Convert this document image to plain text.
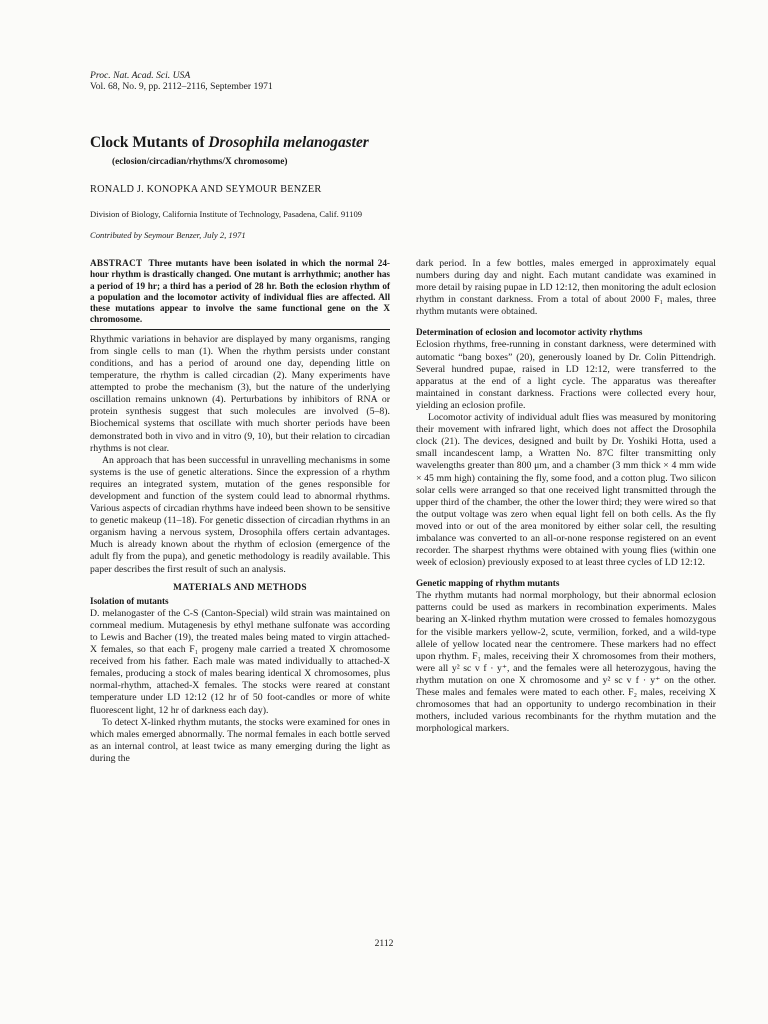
Proc. Nat. Acad. Sci. USA
Vol. 68, No. 9, pp. 2112–2116, September 1971
Clock Mutants of Drosophila melanogaster
(eclosion/circadian/rhythms/X chromosome)
RONALD J. KONOPKA AND SEYMOUR BENZER
Division of Biology, California Institute of Technology, Pasadena, Calif. 91109
Contributed by Seymour Benzer, July 2, 1971

ABSTRACT Three mutants have been isolated in which the normal 24-hour rhythm is drastically changed. One mutant is arrhythmic; another has a period of 19 hr; a third has a period of 28 hr. Both the eclosion rhythm of a population and the locomotor activity of individual flies are affected. All these mutations appear to involve the same functional gene on the X chromosome.

Rhythmic variations in behavior are displayed by many organisms, ranging from single cells to man (1). When the rhythm persists under constant conditions, and has a period of around one day, depending little on temperature, the rhythm is called circadian (2). Many experiments have attempted to probe the mechanism (3), but the nature of the underlying oscillation remains unknown (4). Perturbations by inhibitors of RNA or protein synthesis suggest that such molecules are involved (5–8). Biochemical systems that oscillate with much shorter periods have been demonstrated both in vivo and in vitro (9, 10), but their relation to circadian rhythms is not clear.

An approach that has been successful in unravelling mechanisms in some systems is the use of genetic alterations. Since the expression of a rhythm requires an integrated system, mutation of the genes responsible for development and function of the system could lead to abnormal rhythms. Various aspects of circadian rhythms have indeed been shown to be sensitive to genetic makeup (11–18). For genetic dissection of circadian rhythms in an organism having a nervous system, Drosophila offers certain advantages. Much is already known about the rhythm of eclosion (emergence of the adult fly from the pupa), and genetic methodology is readily available. This paper describes the first result of such an analysis.

MATERIALS AND METHODS
Isolation of mutants

D. melanogaster of the C-S (Canton-Special) wild strain was maintained on cornmeal medium. Mutagenesis by ethyl methane sulfonate was according to Lewis and Bacher (19), the treated males being mated to virgin attached-X females, so that each F₁ progeny male carried a treated X chromosome received from his father. Each male was mated individually to attached-X females, producing a stock of males bearing identical X chromosomes, plus normal-rhythm, attached-X females. The stocks were reared at constant temperature under LD 12:12 (12 hr of 50 foot-candles or more of white fluorescent light, 12 hr of darkness each day).

To detect X-linked rhythm mutants, the stocks were examined for ones in which males emerged abnormally. The normal females in each bottle served as an internal control, at least twice as many emerging during the light as during the

dark period. In a few bottles, males emerged in approximately equal numbers during day and night. Each mutant candidate was examined in more detail by raising pupae in LD 12:12, then monitoring the adult eclosion rhythm in constant darkness. From a total of about 2000 F₁ males, three rhythm mutants were obtained.

Determination of eclosion and locomotor activity rhythms

Eclosion rhythms, free-running in constant darkness, were determined with automatic “bang boxes” (20), generously loaned by Dr. Colin Pittendrigh. Several hundred pupae, raised in LD 12:12, were transferred to the apparatus at the end of a light cycle. The apparatus was thereafter maintained in constant darkness. Fractions were collected every hour, yielding an eclosion profile.

Locomotor activity of individual adult flies was measured by monitoring their movement with infrared light, which does not affect the Drosophila clock (21). The devices, designed and built by Dr. Yoshiki Hotta, used a small incandescent lamp, a Wratten No. 87C filter transmitting only wavelengths greater than 800 μm, and a chamber (3 mm thick × 4 mm wide × 45 mm high) containing the fly, some food, and a cotton plug. Two silicon solar cells were arranged so that one received light transmitted through the upper third of the chamber, the other the lower third; they were wired so that the output voltage was zero when equal light fell on both cells. As the fly moved into or out of the area monitored by either solar cell, the resulting imbalance was converted to an all-or-none response registered on an event recorder. The sharpest rhythms were obtained with young flies (within one week of eclosion) previously exposed to at least three cycles of LD 12:12.

Genetic mapping of rhythm mutants

The rhythm mutants had normal morphology, but their abnormal eclosion patterns could be used as markers in recombination experiments. Males bearing an X-linked rhythm mutation were crossed to females homozygous for the visible markers yellow-2, scute, vermilion, forked, and a wild-type allele of yellow located near the centromere. These markers had no effect upon rhythm. F₁ males, receiving their X chromosomes from their mothers, were all y² sc v f · y⁺, and the females were all heterozygous, having the rhythm mutation on one X chromosome and y² sc v f · y⁺ on the other. These males and females were mated to each other. F₂ males, receiving X chromosomes that had an opportunity to undergo recombination in their mothers, included various recombinants for the rhythm mutation and the morphological markers.

2112
